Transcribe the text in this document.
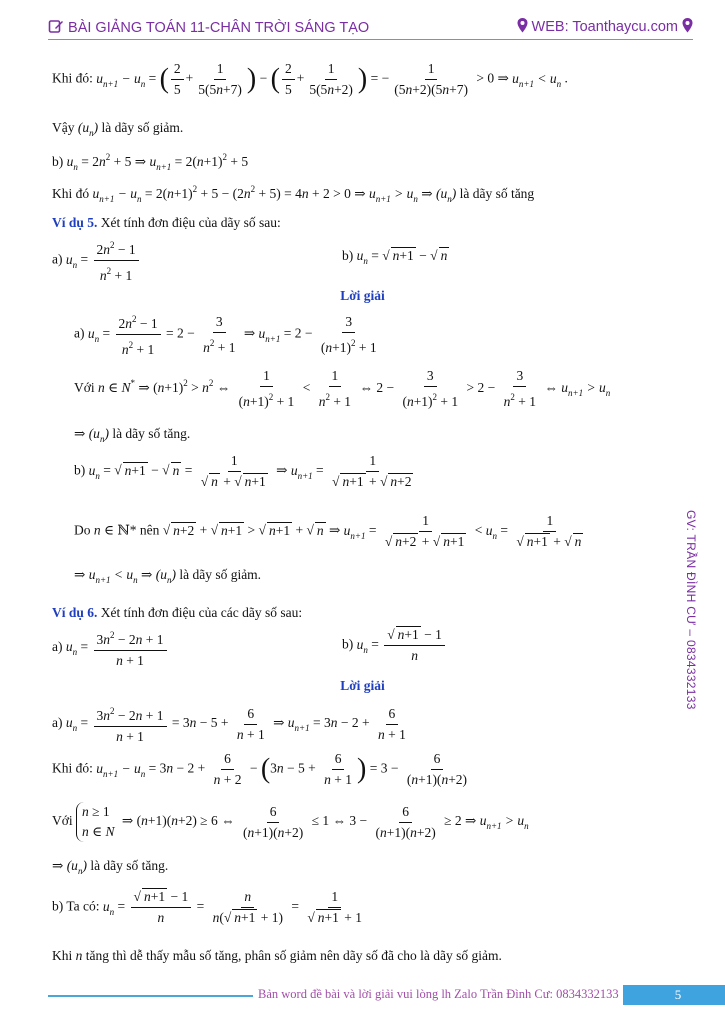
BÀI GIẢNG TOÁN 11-CHÂN TRỜI SÁNG TẠO	WEB: Toanthaycu.com
GV: TRẦN ĐÌNH CƯ – 0834332133
Khi đó: $u_{n+1} - u_n$ = ( $\frac{2}{5} + \frac{1}{5(5n+7)}$ ) − ( $\frac{2}{5} + \frac{1}{5(5n+2)}$ ) = − $\frac{1}{(5n+2)(5n+7)} > 0$ ⇒ $u_{n+1} < u_n$ .
Vậy $(u_n)$ là dãy số giảm.
b) $u_n = 2n^2 + 5$ ⇒ $u_{n+1} = 2(n+1)^2 + 5$
Khi đó $u_{n+1} - u_n = 2(n+1)^2 + 5 - (2n^2 + 5) = 4n + 2 > 0$ ⇒ $u_{n+1} > u_n$ ⇒ $(u_n)$ là dãy số tăng
Ví dụ 5. Xét tính đơn điệu của dãy số sau:
a) $u_n = \frac{2n^2 - 1}{n^2 + 1}$	b) $u_n$ = √ n+1 − √ n
Lời giải
a) $u_n = \frac{2n^2 - 1}{n^2 + 1} = 2 - \frac{3}{n^2 + 1}$ ⇒ $u_{n+1} = 2 - \frac{3}{(n+1)^2 + 1}$
Với n ∈ N* ⇒ $(n+1)^2 > n^2$ ⇔ $\frac{1}{(n+1)^2 + 1} < \frac{1}{n^2 + 1}$ ⇔ $2 - \frac{3}{(n+1)^2 + 1} > 2 - \frac{3}{n^2 + 1}$ ⇔ $u_{n+1} > u_n$
⇒ $(u_n)$ là dãy số tăng.
b) $u_n$ = √ n+1 − √ $n = \frac{1}{√ n + √ n+1}$ ⇒ $u_{n+1} = \frac{1}{√ n+1 + √ n+2}$
Do n ∈ ℕ* nên √ n+2 + √ n+1 > √ n+1 + √ n ⇒ $u_{n+1} = \frac{1}{√ n+2 + √ n+1} < u_n = \frac{1}{√ n+1 + √ n}$
⇒ $u_{n+1} < u_n$ ⇒ $(u_n)$ là dãy số giảm.
Ví dụ 6. Xét tính đơn điệu của các dãy số sau:
a) $u_n = \frac{3n^2 - 2n + 1}{n + 1}$	b) $u_n = \frac{√ n+1 - 1}{n}$
Lời giải
a) $u_n = \frac{3n^2 - 2n + 1}{n + 1} = 3n - 5 + \frac{6}{n + 1}$ ⇒ $u_{n+1} = 3n - 2 + \frac{6}{n + 1}$
Khi đó: $u_{n+1} - u_n = 3n - 2 + \frac{6}{n + 2} - (3n - 5 + \frac{6}{n + 1}$ ) = $3 - \frac{6}{(n+1)(n+2)}$
Với
n ≥ 1
n ∈ N
⇒ (n+1)(n+2) ≥ 6 ⇔ $\frac{6}{(n+1)(n+2)} \le 1$ ⇔ $3 - \frac{6}{(n+1)(n+2)} \ge 2$ ⇒ $u_{n+1} > u_n$
⇒ $(u_n)$ là dãy số tăng.
b) Ta có: $u_n = \frac{√ n+1 - 1}{n} = \frac{n}{n(√ n+1 + 1)} = \frac{1}{√ n+1 + 1}$
Khi n tăng thì dễ thấy mẫu số tăng, phân số giảm nên dãy số đã cho là dãy số giảm.
Bản word đề bài và lời giải vui lòng lh Zalo Trần Đình Cư: 0834332133	5
